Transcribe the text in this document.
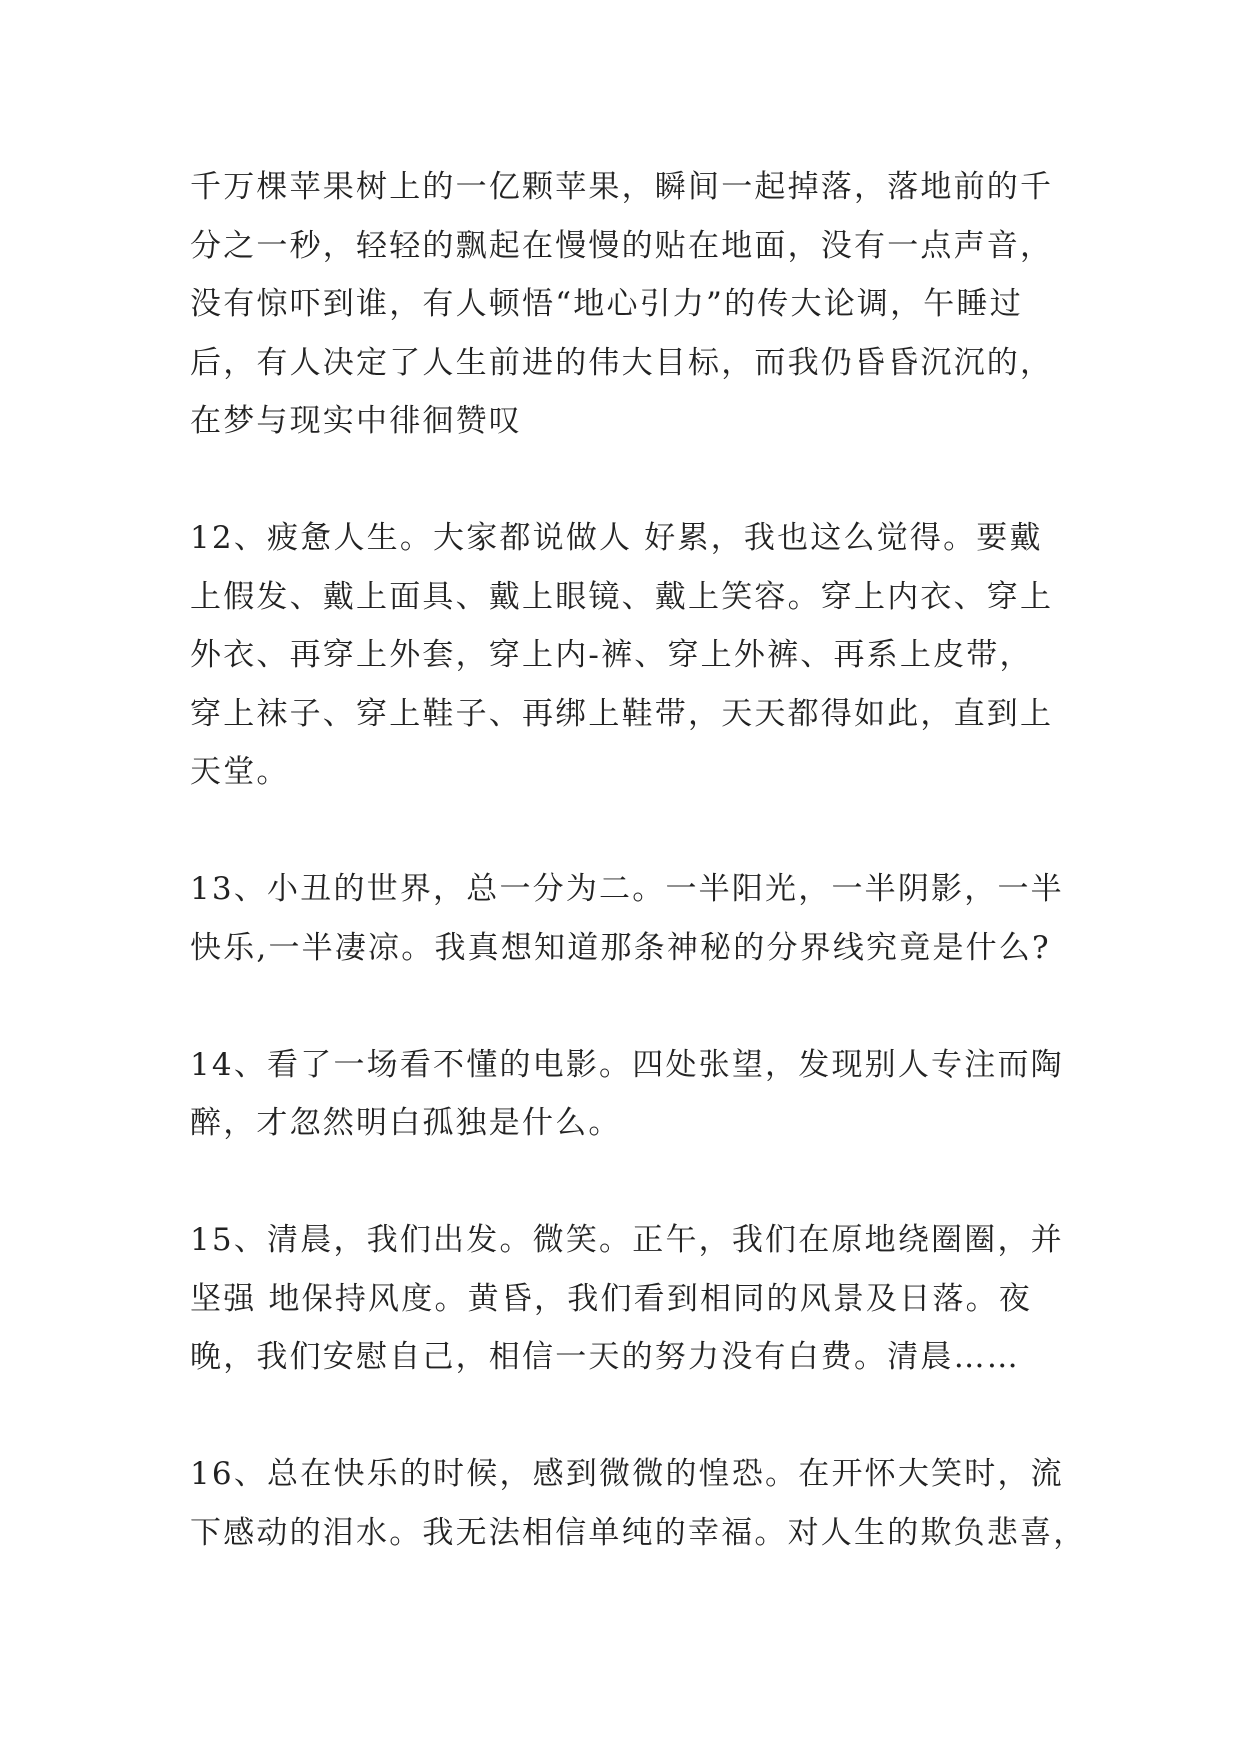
千万棵苹果树上的一亿颗苹果，瞬间一起掉落，落地前的千
分之一秒，轻轻的飘起在慢慢的贴在地面，没有一点声音，
没有惊吓到谁，有人顿悟“地心引力”的传大论调，午睡过
后，有人决定了人生前进的伟大目标，而我仍昏昏沉沉的，
在梦与现实中徘徊赞叹
12、疲惫人生。大家都说做人 好累，我也这么觉得。要戴
上假发、戴上面具、戴上眼镜、戴上笑容。穿上内衣、穿上
外衣、再穿上外套，穿上内-裤、穿上外裤、再系上皮带，
穿上袜子、穿上鞋子、再绑上鞋带，天天都得如此，直到上
天堂。
13、小丑的世界，总一分为二。一半阳光，一半阴影，一半
快乐,一半凄凉。我真想知道那条神秘的分界线究竟是什么?
14、看了一场看不懂的电影。四处张望，发现别人专注而陶
醉，才忽然明白孤独是什么。
15、清晨，我们出发。微笑。正午，我们在原地绕圈圈，并
坚强 地保持风度。黄昏，我们看到相同的风景及日落。夜
晚，我们安慰自己，相信一天的努力没有白费。清晨……
16、总在快乐的时候，感到微微的惶恐。在开怀大笑时，流
下感动的泪水。我无法相信单纯的幸福。对人生的欺负悲喜，
